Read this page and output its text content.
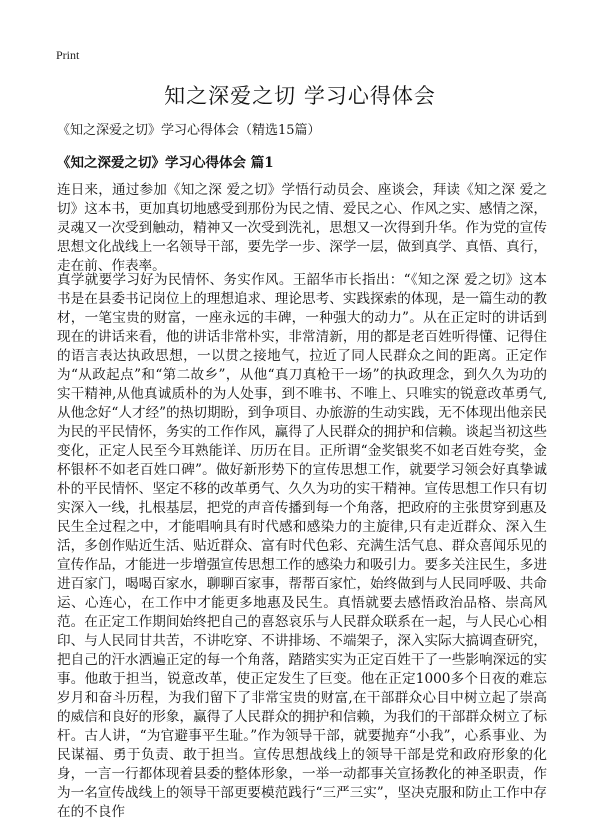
Print
知之深爱之切 学习心得体会

《知之深爱之切》学习心得体会（精选15篇）

《知之深爱之切》学习心得体会 篇1

连日来，通过参加《知之深 爱之切》学悟行动员会、座谈会，拜读《知之深 爱之切》这本书，更加真切地感受到那份为民之情、爱民之心、作风之实、感情之深，灵魂又一次受到触动，精神又一次受到洗礼，思想又一次得到升华。作为党的宣传思想文化战线上一名领导干部，要先学一步、深学一层，做到真学、真悟、真行，走在前、作表率。

真学就要学习好为民情怀、务实作风。王韶华市长指出：“《知之深 爱之切》这本书是在县委书记岗位上的理想追求、理论思考、实践探索的体现，是一篇生动的教材，一笔宝贵的财富，一座永远的丰碑，一种强大的动力”。从在正定时的讲话到现在的讲话来看，他的讲话非常朴实，非常清新，用的都是老百姓听得懂、记得住的语言表达执政思想，一以贯之接地气，拉近了同人民群众之间的距离。正定作为“从政起点”和“第二故乡”，从他“真刀真枪干一场”的执政理念，到久久为功的实干精神,从他真诚质朴的为人处事，到不唯书、不唯上、只唯实的锐意改革勇气,从他念好“人才经”的热切期盼，到争项目、办旅游的生动实践，无不体现出他亲民为民的平民情怀，务实的工作作风，赢得了人民群众的拥护和信赖。谈起当初这些变化，正定人民至今耳熟能详、历历在目。正所谓“金奖银奖不如老百姓夸奖，金杯银杯不如老百姓口碑”。做好新形势下的宣传思想工作，就要学习领会好真挚诚朴的平民情怀、坚定不移的改革勇气、久久为功的实干精神。宣传思想工作只有切实深入一线，扎根基层，把党的声音传播到每一个角落，把政府的主张贯穿到惠及民生全过程之中，才能唱响具有时代感和感染力的主旋律,只有走近群众、深入生活，多创作贴近生活、贴近群众、富有时代色彩、充满生活气息、群众喜闻乐见的宣传作品，才能进一步增强宣传思想工作的感染力和吸引力。要多关注民生，多进进百家门，喝喝百家水，聊聊百家事，帮帮百家忙，始终做到与人民同呼吸、共命运、心连心，在工作中才能更多地惠及民生。真悟就要去感悟政治品格、崇高风范。在正定工作期间始终把自己的喜怒哀乐与人民群众联系在一起，与人民心心相印、与人民同甘共苦，不讲吃穿、不讲排场、不端架子，深入实际大搞调查研究，把自己的汗水洒遍正定的每一个角落，踏踏实实为正定百姓干了一些影响深远的实事。他敢于担当，锐意改革，使正定发生了巨变。他在正定1000多个日夜的难忘岁月和奋斗历程，为我们留下了非常宝贵的财富,在干部群众心目中树立起了崇高的威信和良好的形象，赢得了人民群众的拥护和信赖，为我们的干部群众树立了标杆。古人讲，“为官避事平生耻。”作为领导干部，就要抛弃“小我”，心系事业、为民谋福、勇于负责、敢于担当。宣传思想战线上的领导干部是党和政府形象的化身，一言一行都体现着县委的整体形象，一举一动都事关宣扬教化的神圣职责，作为一名宣传战线上的领导干部更要模范践行“三严三实”，坚决克服和防止工作中存在的不良作
